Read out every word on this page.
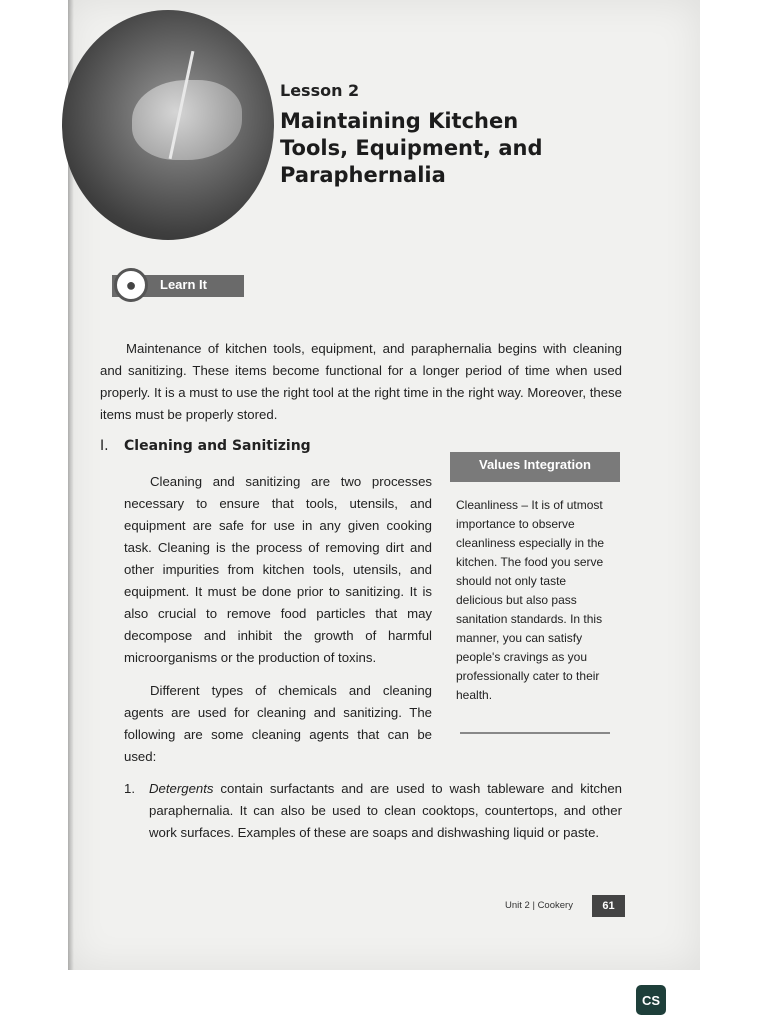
Lesson 2
Maintaining Kitchen Tools, Equipment, and Paraphernalia
●	Learn It
Maintenance of kitchen tools, equipment, and paraphernalia begins with cleaning and sanitizing. These items become functional for a longer period of time when used properly. It is a must to use the right tool at the right time in the right way. Moreover, these items must be properly stored.
I. Cleaning and Sanitizing
Cleaning and sanitizing are two processes necessary to ensure that tools, utensils, and equipment are safe for use in any given cooking task. Cleaning is the process of removing dirt and other impurities from kitchen tools, utensils, and equipment. It must be done prior to sanitizing. It is also crucial to remove food particles that may decompose and inhibit the growth of harmful microorganisms or the production of toxins.
Different types of chemicals and cleaning agents are used for cleaning and sanitizing. The following are some cleaning agents that can be used:
Values Integration
Cleanliness – It is of utmost importance to observe cleanliness especially in the kitchen. The food you serve should not only taste delicious but also pass sanitation standards. In this manner, you can satisfy people's cravings as you professionally cater to their health.
1. Detergents contain surfactants and are used to wash tableware and kitchen paraphernalia. It can also be used to clean cooktops, countertops, and other work surfaces. Examples of these are soaps and dishwashing liquid or paste.
Unit 2 | Cookery	61
CS
